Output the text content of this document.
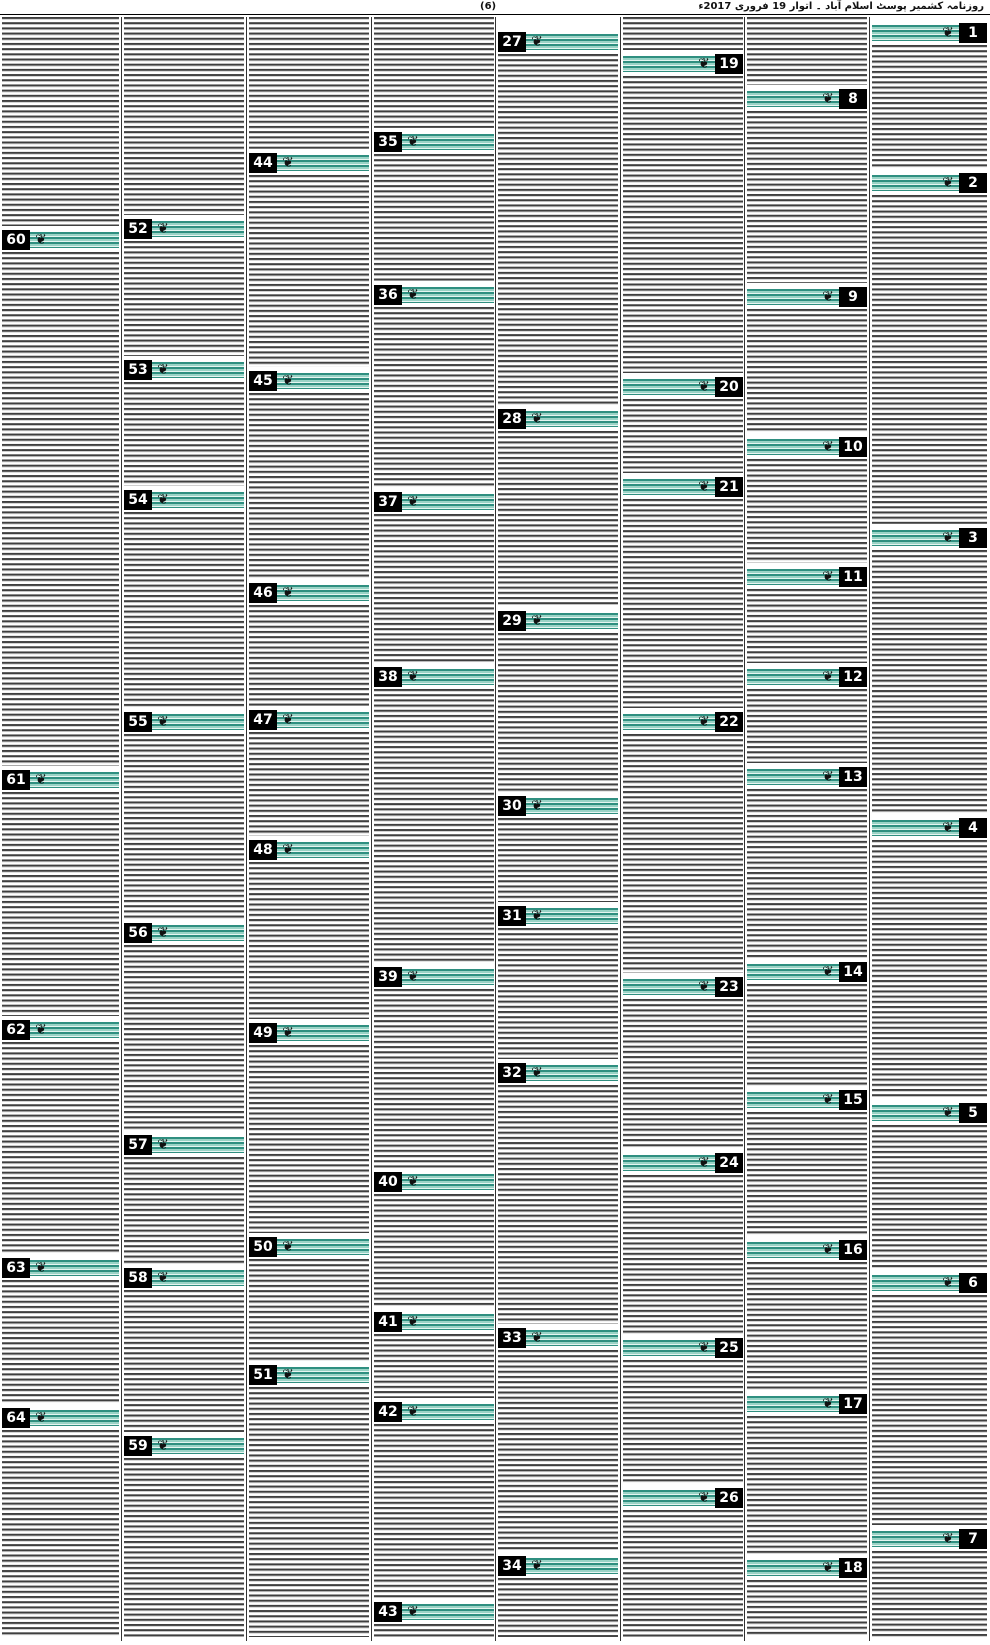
(6)	روزنامہ کشمیر پوسٹ اسلام آباد ۔ اتوار 19 فروری 2017ء
❦	1
❦	2
❦	3
❦	4
❦	5
❦	6
❦	7
❦	8
❦	9
❦ 10
❦ 11
❦ 12
❦ 13
❦ 14
❦ 15
❦ 16
❦ 17
❦ 18
❦ 19
❦ 20
❦ 21
❦ 22
❦ 23
❦ 24
❦ 25
❦ 26
❦
27
❦
28
❦
29
❦
30
❦
31
❦
32
❦
33
❦
34
❦
35
❦
36
❦
37
❦
38
❦
39
❦
40
❦
41
❦
42
❦
43
❦
44
❦
45
❦
46
❦
47
❦
48
❦
49
❦
50
❦
51
❦
52
❦
53
❦
54
❦
55
❦
56
❦
57
❦
58
❦
59
❦
60
❦
61
❦
62
❦
63
❦
64
